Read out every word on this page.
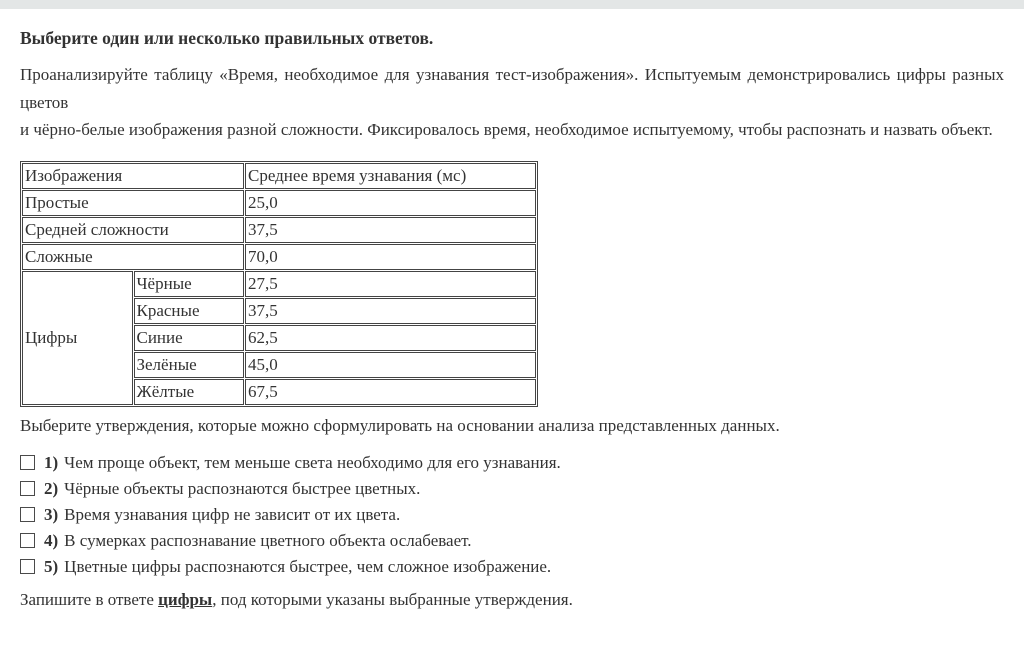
Выберите один или несколько правильных ответов.

Проанализируйте таблицу «Время, необходимое для узнавания тест-изображения». Испытуемым демонстрировались цифры разных цветов

и чёрно-белые изображения разной сложности. Фиксировалось время, необходимое испытуемому, чтобы распознать и назвать объект.

Изображения		Среднее время узнавания (мс)
Простые		25,0
Средней сложности		37,5
Сложные		70,0
Цифры	Чёрные	27,5
	Красные	37,5
	Синие	62,5
	Зелёные	45,0
	Жёлтые	67,5

Выберите утверждения, которые можно сформулировать на основании анализа представленных данных.

1) Чем проще объект, тем меньше света необходимо для его узнавания.
2) Чёрные объекты распознаются быстрее цветных.
3) Время узнавания цифр не зависит от их цвета.
4) В сумерках распознавание цветного объекта ослабевает.
5) Цветные цифры распознаются быстрее, чем сложное изображение.

Запишите в ответе цифры, под которыми указаны выбранные утверждения.
